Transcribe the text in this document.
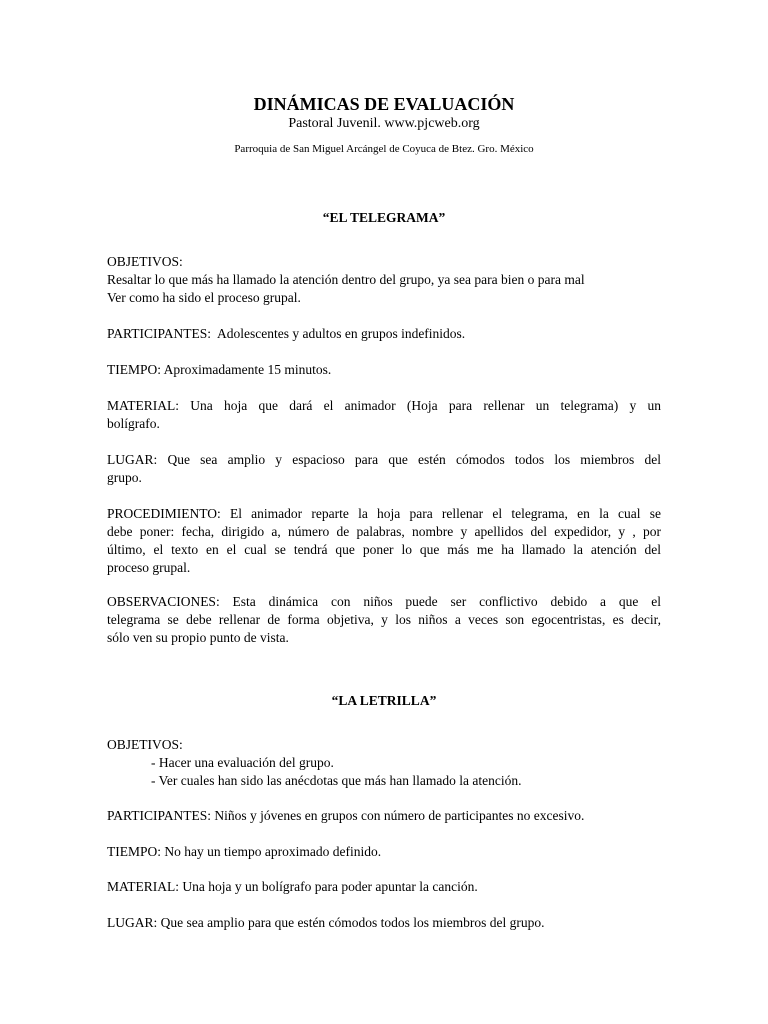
DINÁMICAS DE EVALUACIÓN
Pastoral Juvenil. www.pjcweb.org
Parroquia de San Miguel Arcángel de Coyuca de Btez. Gro. México
“EL TELEGRAMA”
OBJETIVOS:
Resaltar lo que más ha llamado la atención dentro del grupo, ya sea para bien o para mal
Ver como ha sido el proceso grupal.
PARTICIPANTES:  Adolescentes y adultos en grupos indefinidos.
TIEMPO: Aproximadamente 15 minutos.
MATERIAL: Una hoja que dará el animador (Hoja para rellenar un telegrama) y un
bolígrafo.
LUGAR: Que sea amplio y espacioso para que estén cómodos todos los miembros del
grupo.
PROCEDIMIENTO: El animador reparte la hoja para rellenar el telegrama, en la cual se
debe poner: fecha, dirigido a, número de palabras, nombre y apellidos del expedidor, y , por
último, el texto en el cual se tendrá que poner lo que más me ha llamado la atención del
proceso grupal.
OBSERVACIONES: Esta dinámica con niños puede ser conflictivo debido a que el
telegrama se debe rellenar de forma objetiva, y los niños a veces son egocentristas, es decir,
sólo ven su propio punto de vista.
“LA LETRILLA”
OBJETIVOS:
- Hacer una evaluación del grupo.
- Ver cuales han sido las anécdotas que más han llamado la atención.
PARTICIPANTES: Niños y jóvenes en grupos con número de participantes no excesivo.
TIEMPO: No hay un tiempo aproximado definido.
MATERIAL: Una hoja y un bolígrafo para poder apuntar la canción.
LUGAR: Que sea amplio para que estén cómodos todos los miembros del grupo.
